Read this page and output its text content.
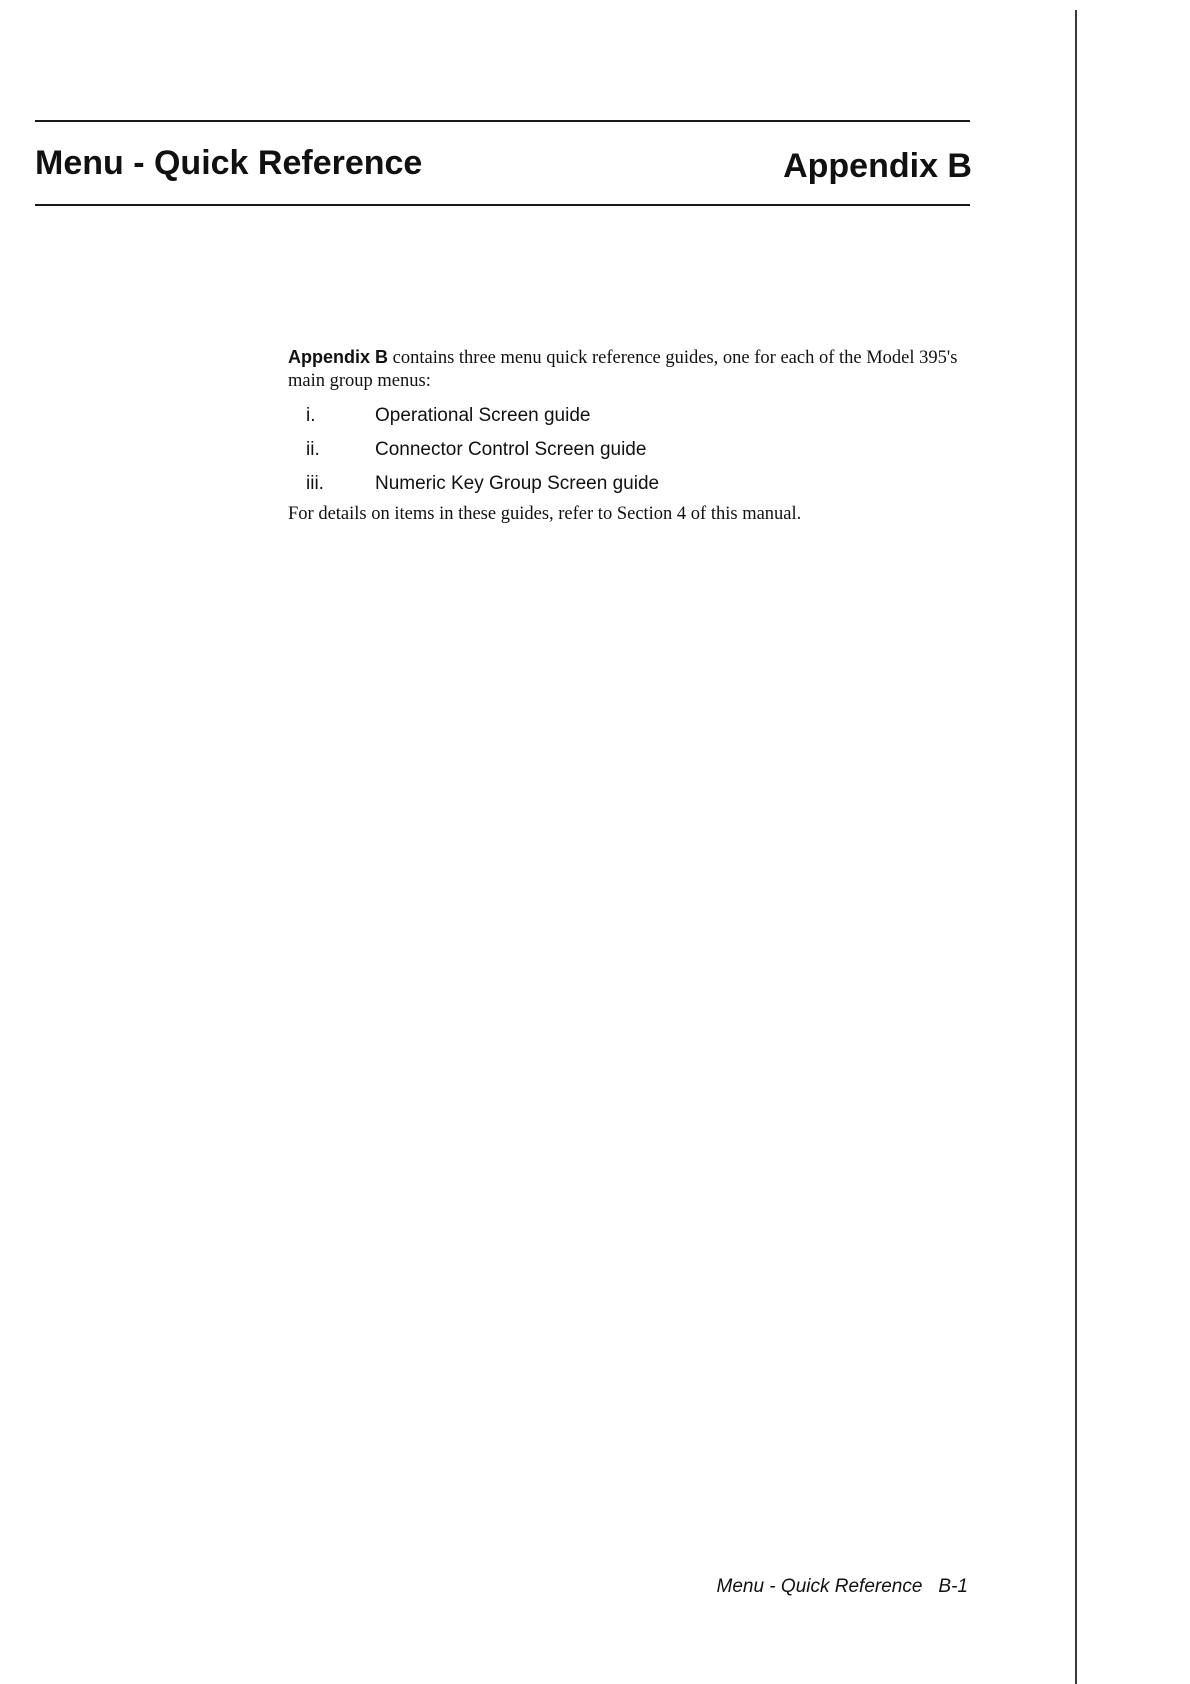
Menu - Quick Reference	Appendix B

Appendix B contains three menu quick reference guides, one for each of the Model 395's main group menus:

i.	Operational Screen guide
ii.	Connector Control Screen guide
iii.	Numeric Key Group Screen guide

For details on items in these guides, refer to Section 4 of this manual.

Menu - Quick Reference B-1
